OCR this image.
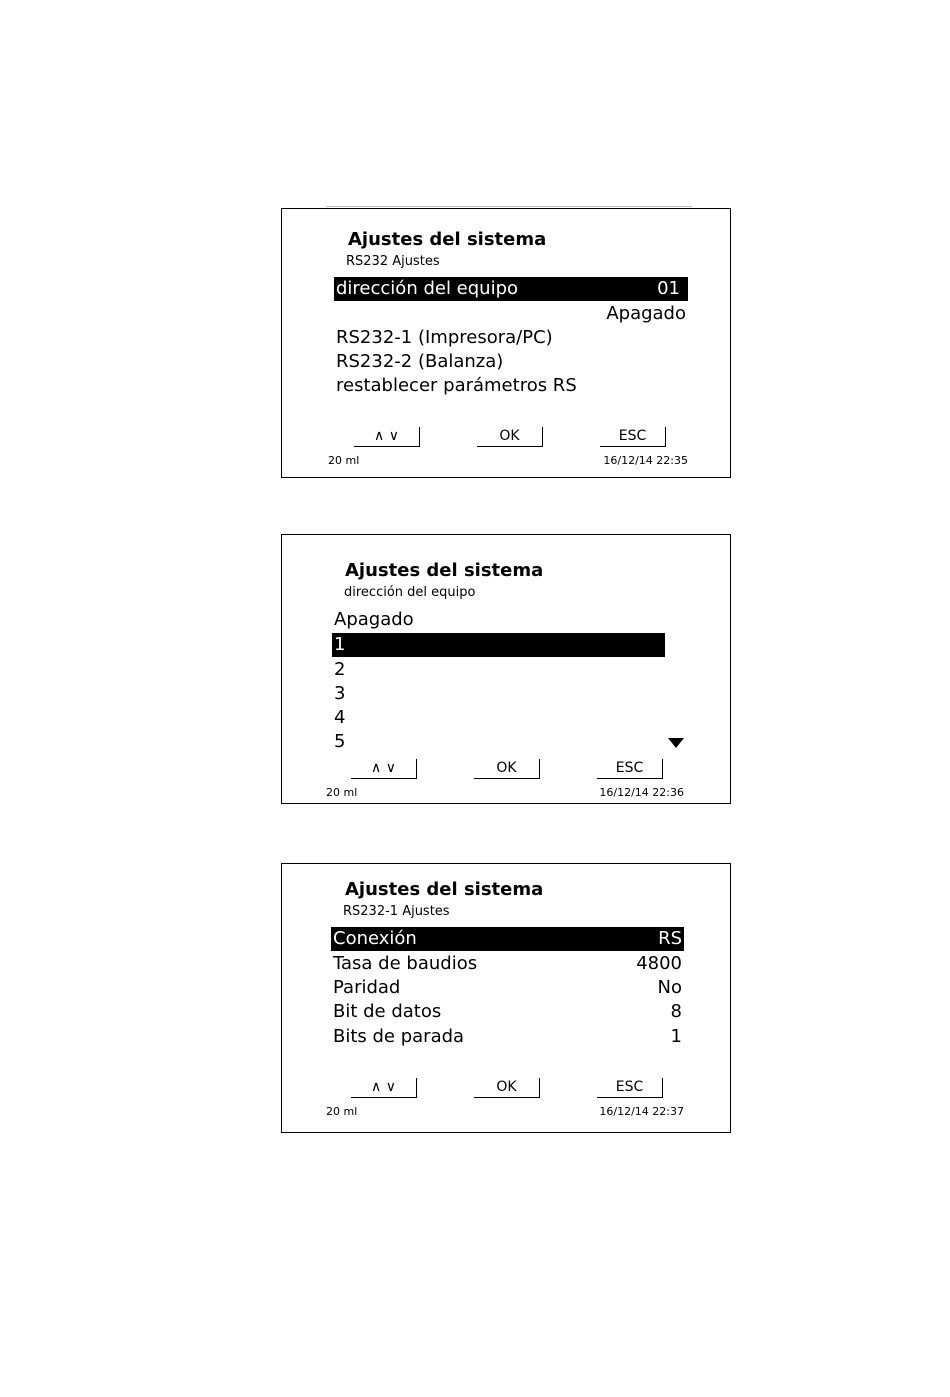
Ajustes del sistema
RS232 Ajustes
dirección del equipo	01
Apagado
RS232-1 (Impresora/PC)
RS232-2 (Balanza)
restablecer parámetros RS
∧ ∨	OK	ESC
20 ml	16/12/14 22:35
Ajustes del sistema
dirección del equipo
Apagado
1
2
3
4
5
∧ ∨	OK	ESC
20 ml	16/12/14 22:36
Ajustes del sistema
RS232-1 Ajustes
Conexión	RS
Tasa de baudios	4800
Paridad	No
Bit de datos	8
Bits de parada	1
∧ ∨	OK	ESC
20 ml	16/12/14 22:37
